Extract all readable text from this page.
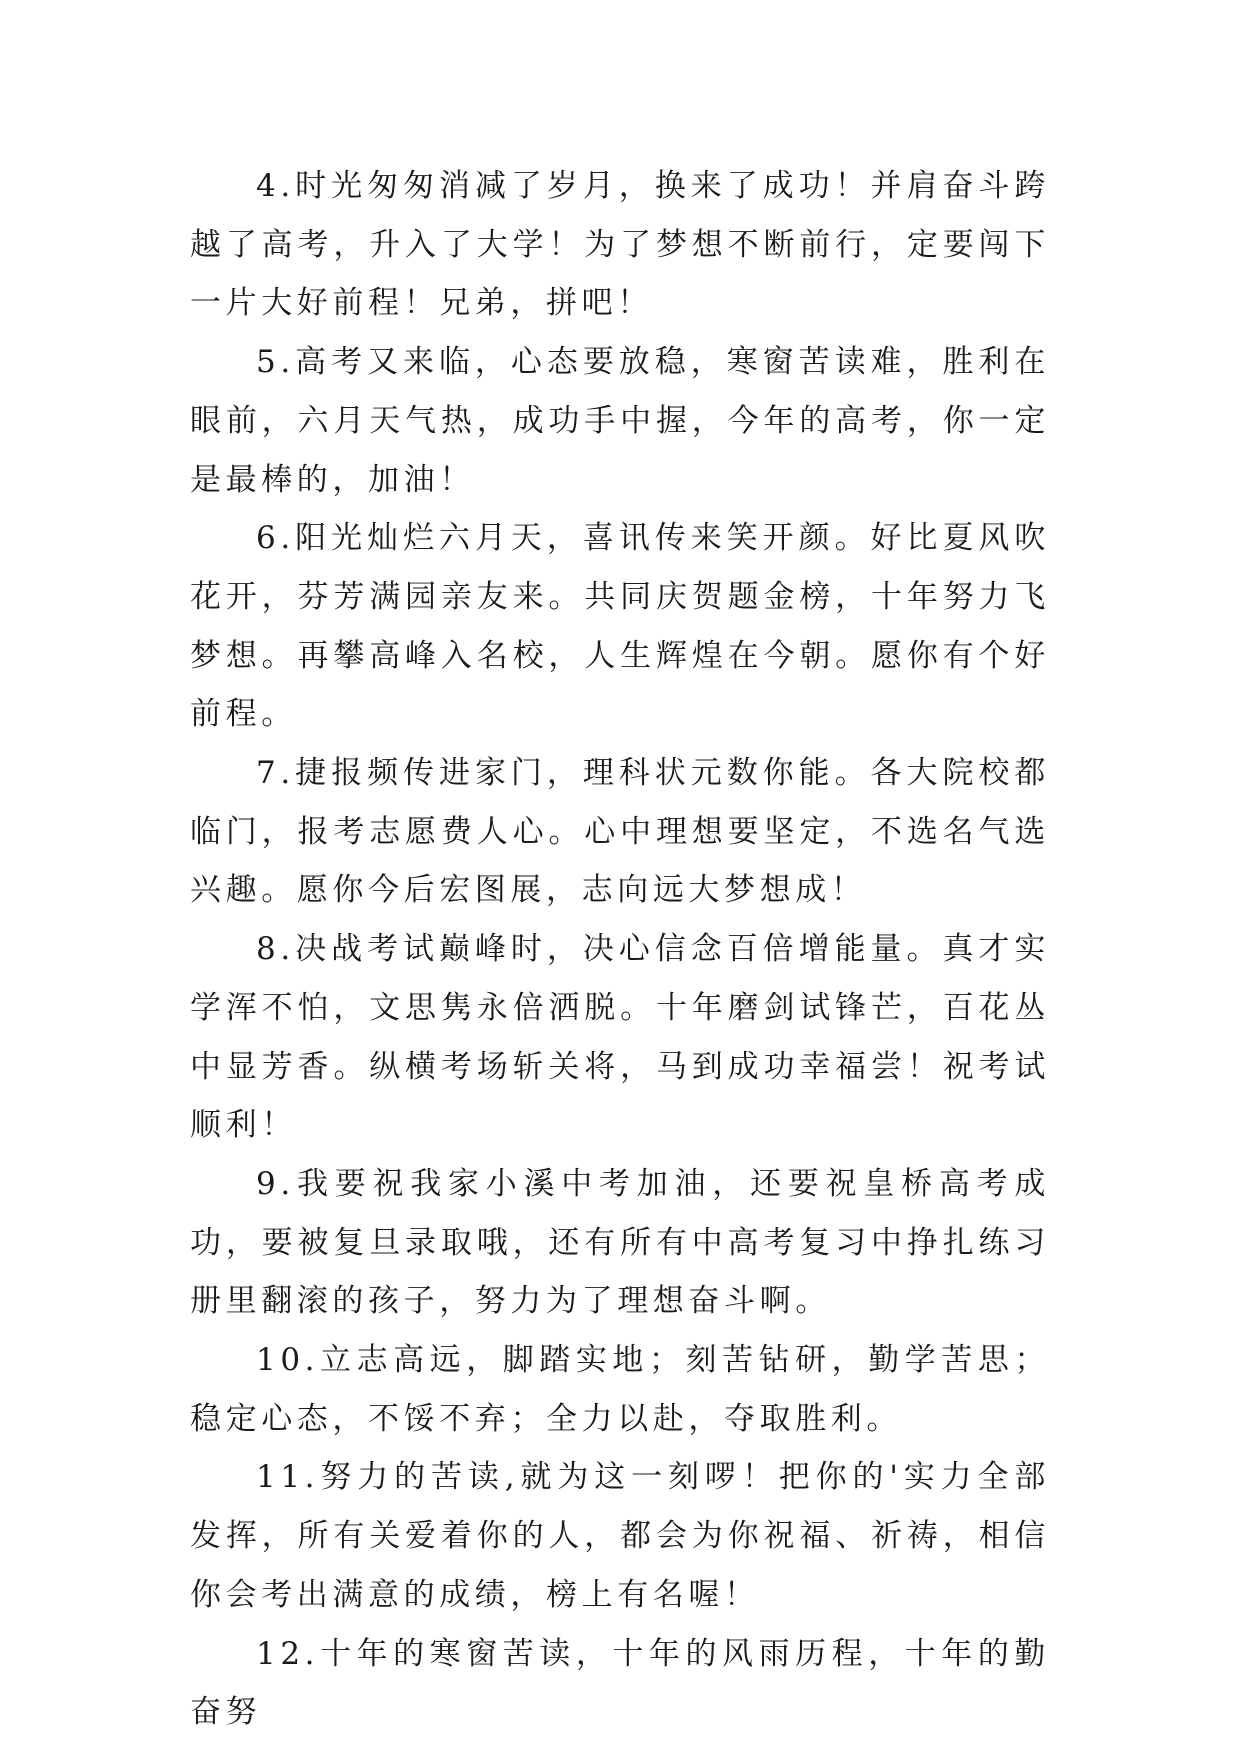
4.时光匆匆消减了岁月，换来了成功！并肩奋斗跨越了高考，升入了大学！为了梦想不断前行，定要闯下一片大好前程！兄弟，拼吧！

5.高考又来临，心态要放稳，寒窗苦读难，胜利在眼前，六月天气热，成功手中握，今年的高考，你一定是最棒的，加油！

6.阳光灿烂六月天，喜讯传来笑开颜。好比夏风吹花开，芬芳满园亲友来。共同庆贺题金榜，十年努力飞梦想。再攀高峰入名校，人生辉煌在今朝。愿你有个好前程。

7.捷报频传进家门，理科状元数你能。各大院校都临门，报考志愿费人心。心中理想要坚定，不选名气选兴趣。愿你今后宏图展，志向远大梦想成！

8.决战考试巅峰时，决心信念百倍增能量。真才实学浑不怕，文思隽永倍洒脱。十年磨剑试锋芒，百花丛中显芳香。纵横考场斩关将，马到成功幸福尝！祝考试顺利！

9.我要祝我家小溪中考加油，还要祝皇桥高考成功，要被复旦录取哦，还有所有中高考复习中挣扎练习册里翻滚的孩子，努力为了理想奋斗啊。

10.立志高远，脚踏实地；刻苦钻研，勤学苦思；稳定心态，不馁不弃；全力以赴，夺取胜利。

11.努力的苦读,就为这一刻啰！把你的'实力全部发挥，所有关爱着你的人，都会为你祝福、祈祷，相信你会考出满意的成绩，榜上有名喔！

12.十年的寒窗苦读，十年的风雨历程，十年的勤奋努
